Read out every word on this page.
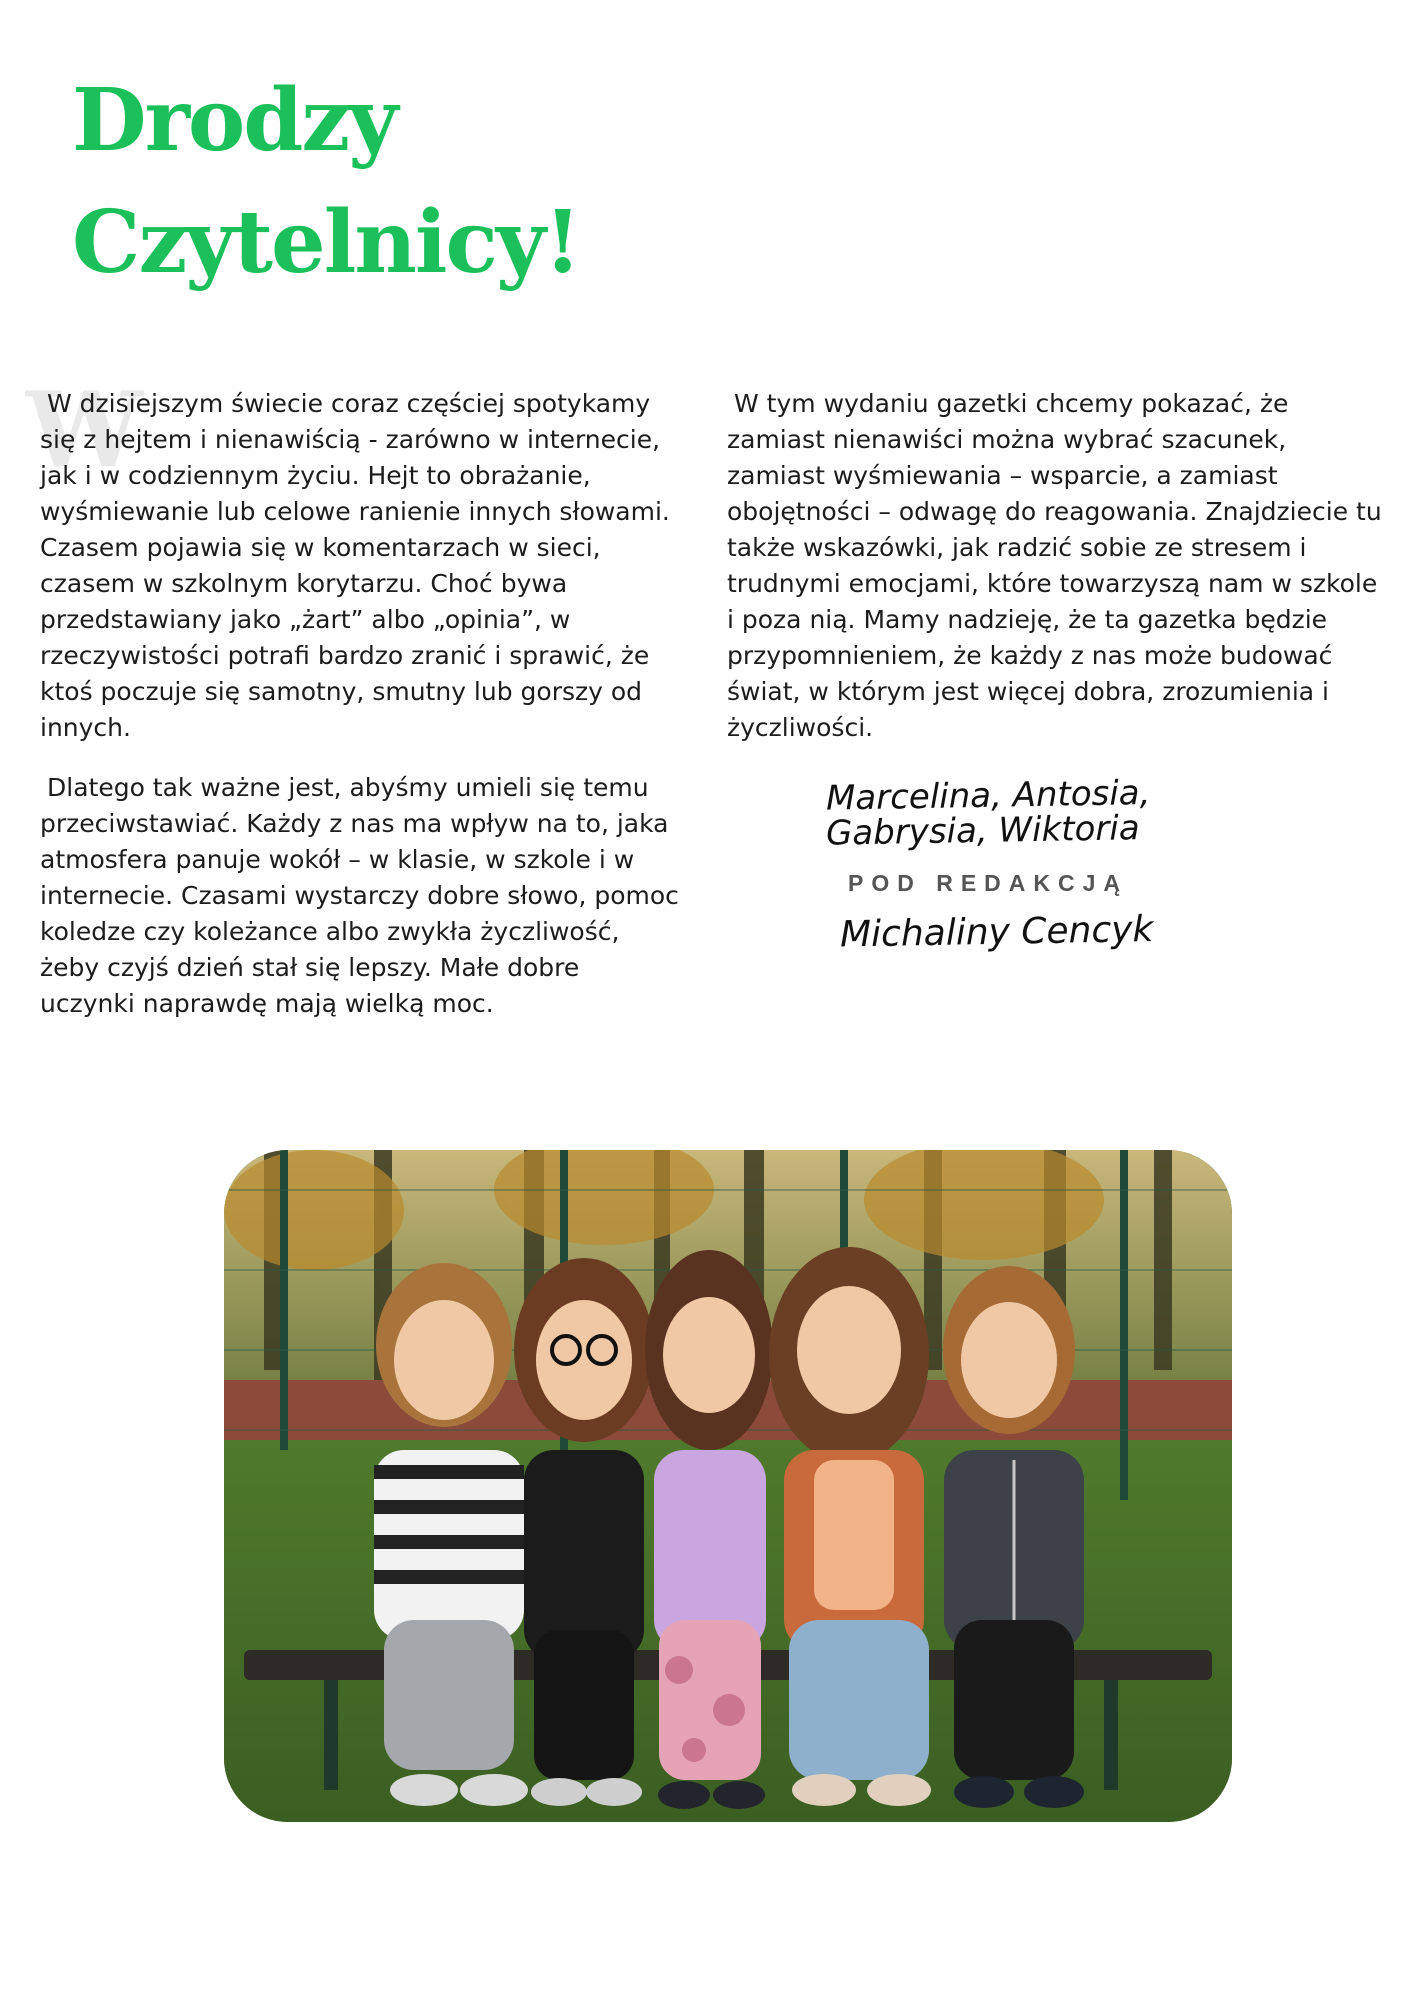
Drodzy
Czytelnicy!
W

W dzisiejszym świecie coraz częściej spotykamy się z hejtem i nienawiścią - zarówno w internecie, jak i w codziennym życiu. Hejt to obrażanie, wyśmiewanie lub celowe ranienie innych słowami. Czasem pojawia się w komentarzach w sieci, czasem w szkolnym korytarzu. Choć bywa przedstawiany jako „żart” albo „opinia”, w rzeczywistości potrafi bardzo zranić i sprawić, że ktoś poczuje się samotny, smutny lub gorszy od innych.

Dlatego tak ważne jest, abyśmy umieli się temu przeciwstawiać. Każdy z nas ma wpływ na to, jaka atmosfera panuje wokół – w klasie, w szkole i w internecie. Czasami wystarczy dobre słowo, pomoc koledze czy koleżance albo zwykła życzliwość, żeby czyjś dzień stał się lepszy. Małe dobre uczynki naprawdę mają wielką moc.

W tym wydaniu gazetki chcemy pokazać, że zamiast nienawiści można wybrać szacunek, zamiast wyśmiewania – wsparcie, a zamiast obojętności – odwagę do reagowania. Znajdziecie tu także wskazówki, jak radzić sobie ze stresem i trudnymi emocjami, które towarzyszą nam w szkole i poza nią. Mamy nadzieję, że ta gazetka będzie przypomnieniem, że każdy z nas może budować świat, w którym jest więcej dobra, zrozumienia i życzliwości.

Marcelina, Antosia,
Gabrysia, Wiktoria
POD REDAKCJĄ
Michaliny Cencyk
